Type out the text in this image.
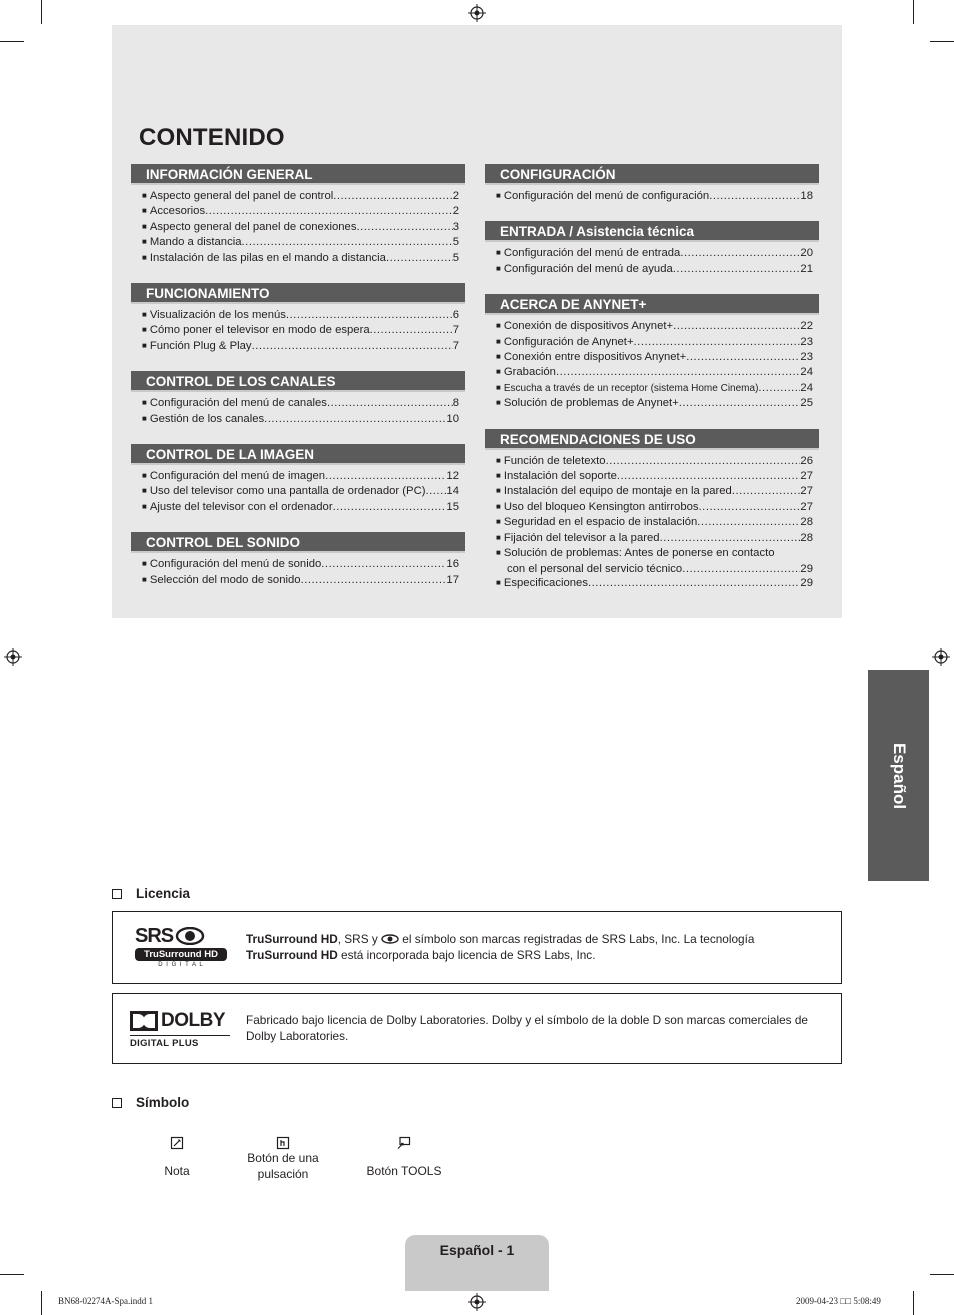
CONTENIDO
INFORMACIÓN GENERAL
■ Aspecto general del panel de control .....	2
■ Accesorios .....	2
■ Aspecto general del panel de conexiones .....	3
■ Mando a distancia .....	5
■ Instalación de las pilas en el mando a distancia .....	5
FUNCIONAMIENTO
■ Visualización de los menús .....	6
■ Cómo poner el televisor en modo de espera .....	7
■ Función Plug & Play .....	7
CONTROL DE LOS CANALES
■ Configuración del menú de canales .....	8
■ Gestión de los canales .....	10
CONTROL DE LA IMAGEN
■ Configuración del menú de imagen .....	12
■ Uso del televisor como una pantalla de ordenador (PC) ..... 14
■ Ajuste del televisor con el ordenador .....	15
CONTROL DEL SONIDO
■ Configuración del menú de sonido .....	16
■ Selección del modo de sonido .....	17
CONFIGURACIÓN
■ Configuración del menú de configuración .....	18
ENTRADA / Asistencia técnica
■ Configuración del menú de entrada .....	20
■ Configuración del menú de ayuda .....	21
ACERCA DE ANYNET+
■ Conexión de dispositivos Anynet+ .....	22
■ Configuración de Anynet+ .....	23
■ Conexión entre dispositivos Anynet+ .....	23
■ Grabación .....	24
■ Escucha a través de un receptor (sistema Home Cinema) .....	24
■ Solución de problemas de Anynet+ .....	25
RECOMENDACIONES DE USO
■ Función de teletexto .....	26
■ Instalación del soporte .....	27
■ Instalación del equipo de montaje en la pared .....	27
■ Uso del bloqueo Kensington antirrobos .....	27
■ Seguridad en el espacio de instalación .....	28
■ Fijación del televisor a la pared .....	28
■ Solución de problemas: Antes de ponerse en contacto
con el personal del servicio técnico .....	29
■ Especificaciones .....	29
Español
Licencia
SRS
TruSurround HD
D I G I T A L
TruSurround HD, SRS y  el símbolo son marcas registradas de SRS Labs, Inc. La tecnología
TruSurround HD está incorporada bajo licencia de SRS Labs, Inc.
DOLBY
DIGITAL PLUS
Fabricado bajo licencia de Dolby Laboratories. Dolby y el símbolo de la doble D son marcas comerciales de
Dolby Laboratories.
Símbolo
Nota
Botón de una pulsación	Botón TOOLS
Español - 1
BN68-02274A-Spa.indd 1	2009-04-23 □□ 5:08:49
